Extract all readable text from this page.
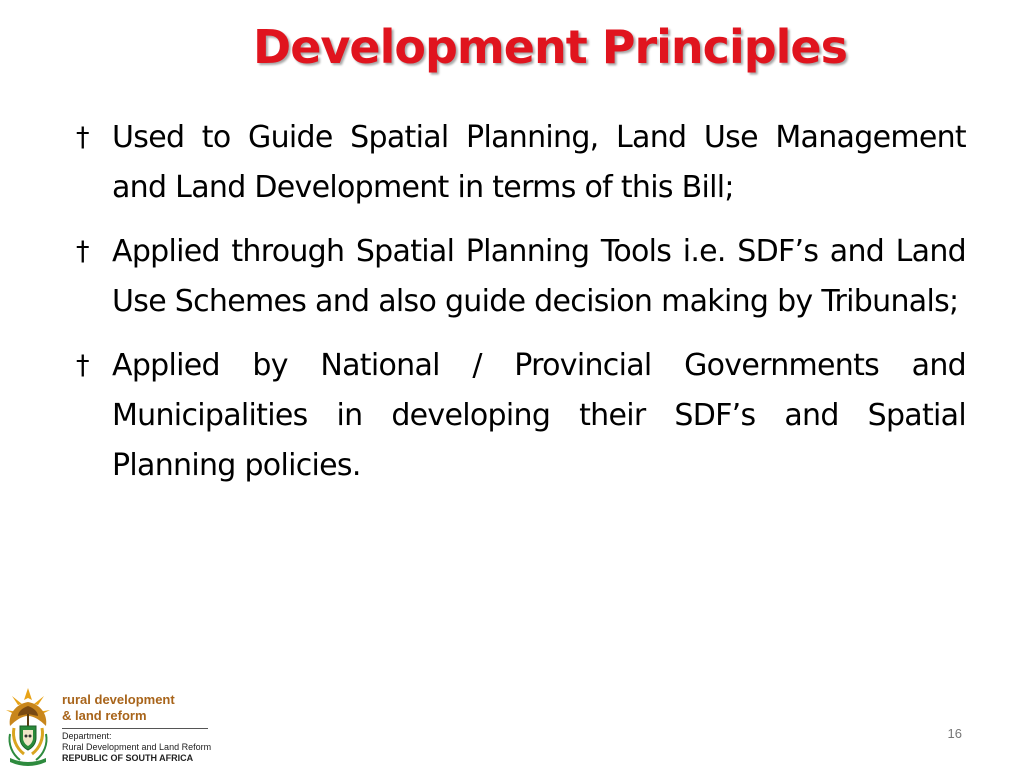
Development Principles
† Used to Guide Spatial Planning, Land Use Management and Land Development in terms of this Bill;
† Applied through Spatial Planning Tools i.e. SDF’s and Land Use Schemes and also guide decision making by Tribunals;
† Applied by National / Provincial Governments and Municipalities in developing their SDF’s and Spatial Planning policies.
rural development
& land reform
Department:
Rural Development and Land Reform
REPUBLIC OF SOUTH AFRICA
16
